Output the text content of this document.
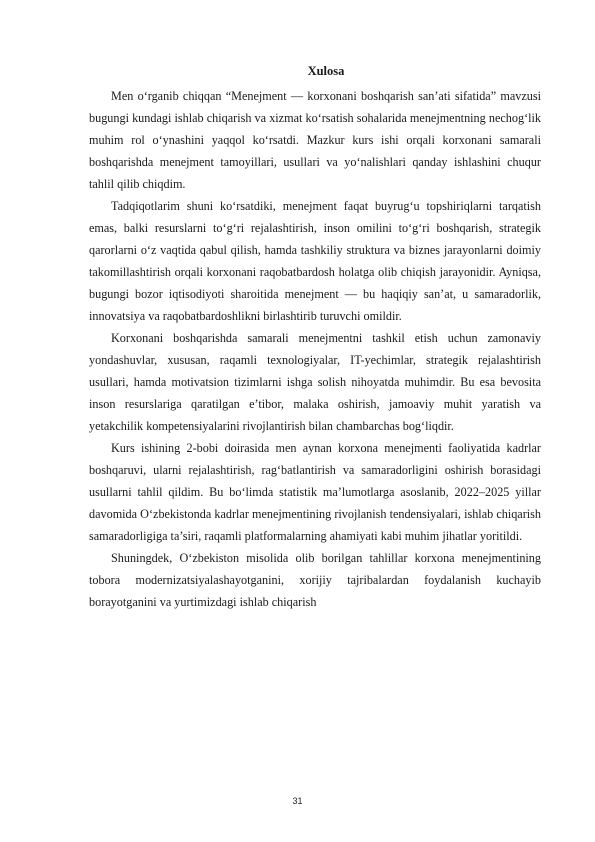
Xulosa

Men o‘rganib chiqqan “Menejment — korxonani boshqarish san’ati sifatida” mavzusi bugungi kundagi ishlab chiqarish va xizmat ko‘rsatish sohalarida menejmentning nechog‘lik muhim rol o‘ynashini yaqqol ko‘rsatdi. Mazkur kurs ishi orqali korxonani samarali boshqarishda menejment tamoyillari, usullari va yo‘nalishlari qanday ishlashini chuqur tahlil qilib chiqdim.

Tadqiqotlarim shuni ko‘rsatdiki, menejment faqat buyrug‘u topshiriqlarni tarqatish emas, balki resurslarni to‘g‘ri rejalashtirish, inson omilini to‘g‘ri boshqarish, strategik qarorlarni o‘z vaqtida qabul qilish, hamda tashkiliy struktura va biznes jarayonlarni doimiy takomillashtirish orqali korxonani raqobatbardosh holatga olib chiqish jarayonidir. Ayniqsa, bugungi bozor iqtisodiyoti sharoitida menejment — bu haqiqiy san’at, u samaradorlik, innovatsiya va raqobatbardoshlikni birlashtirib turuvchi omildir.

Korxonani boshqarishda samarali menejmentni tashkil etish uchun zamonaviy yondashuvlar, xususan, raqamli texnologiyalar, IT-yechimlar, strategik rejalashtirish usullari, hamda motivatsion tizimlarni ishga solish nihoyatda muhimdir. Bu esa bevosita inson resurslariga qaratilgan e’tibor, malaka oshirish, jamoaviy muhit yaratish va yetakchilik kompetensiyalarini rivojlantirish bilan chambarchas bog‘liqdir.

Kurs ishining 2-bobi doirasida men aynan korxona menejmenti faoliyatida kadrlar boshqaruvi, ularni rejalashtirish, rag‘batlantirish va samaradorligini oshirish borasidagi usullarni tahlil qildim. Bu bo‘limda statistik ma’lumotlarga asoslanib, 2022–2025 yillar davomida O‘zbekistonda kadrlar menejmentining rivojlanish tendensiyalari, ishlab chiqarish samaradorligiga ta’siri, raqamli platformalarning ahamiyati kabi muhim jihatlar yoritildi.

Shuningdek, O‘zbekiston misolida olib borilgan tahlillar korxona menejmentining tobora modernizatsiyalashayotganini, xorijiy tajribalardan foydalanish kuchayib borayotganini va yurtimizdagi ishlab chiqarish

31
